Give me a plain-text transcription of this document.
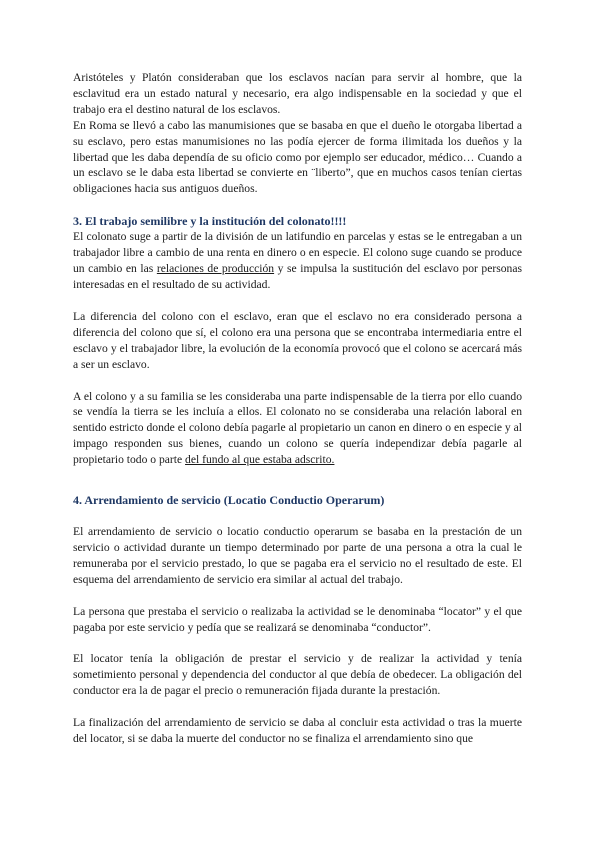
Aristóteles y Platón consideraban que los esclavos nacían para servir al hombre, que la esclavitud era un estado natural y necesario, era algo indispensable en la sociedad y que el trabajo era el destino natural de los esclavos.

En Roma se llevó a cabo las manumisiones que se basaba en que el dueño le otorgaba libertad a su esclavo, pero estas manumisiones no las podía ejercer de forma ilimitada los dueños y la libertad que les daba dependía de su oficio como por ejemplo ser educador, médico… Cuando a un esclavo se le daba esta libertad se convierte en ¨liberto”, que en muchos casos tenían ciertas obligaciones hacia sus antiguos dueños.

3. El trabajo semilibre y la institución del colonato!!!!

El colonato suge a partir de la división de un latifundio en parcelas y estas se le entregaban a un trabajador libre a cambio de una renta en dinero o en especie. El colono suge cuando se produce un cambio en las relaciones de producción y se impulsa la sustitución del esclavo por personas interesadas en el resultado de su actividad.

La diferencia del colono con el esclavo, eran que el esclavo no era considerado persona a diferencia del colono que sí, el colono era una persona que se encontraba intermediaria entre el esclavo y el trabajador libre, la evolución de la economía provocó que el colono se acercará más a ser un esclavo.

A el colono y a su familia se les consideraba una parte indispensable de la tierra por ello cuando se vendía la tierra se les incluía a ellos. El colonato no se consideraba una relación laboral en sentido estricto donde el colono debía pagarle al propietario un canon en dinero o en especie y al impago responden sus bienes, cuando un colono se quería independizar debía pagarle al propietario todo o parte del fundo al que estaba adscrito.

4. Arrendamiento de servicio (Locatio Conductio Operarum)

El arrendamiento de servicio o locatio conductio operarum se basaba en la prestación de un servicio o actividad durante un tiempo determinado por parte de una persona a otra la cual le remuneraba por el servicio prestado, lo que se pagaba era el servicio no el resultado de este. El esquema del arrendamiento de servicio era similar al actual del trabajo.

La persona que prestaba el servicio o realizaba la actividad se le denominaba “locator” y el que pagaba por este servicio y pedía que se realizará se denominaba “conductor”.

El locator tenía la obligación de prestar el servicio y de realizar la actividad y tenía sometimiento personal y dependencia del conductor al que debía de obedecer. La obligación del conductor era la de pagar el precio o remuneración fijada durante la prestación.

La finalización del arrendamiento de servicio se daba al concluir esta actividad o tras la muerte del locator, si se daba la muerte del conductor no se finaliza el arrendamiento sino que
